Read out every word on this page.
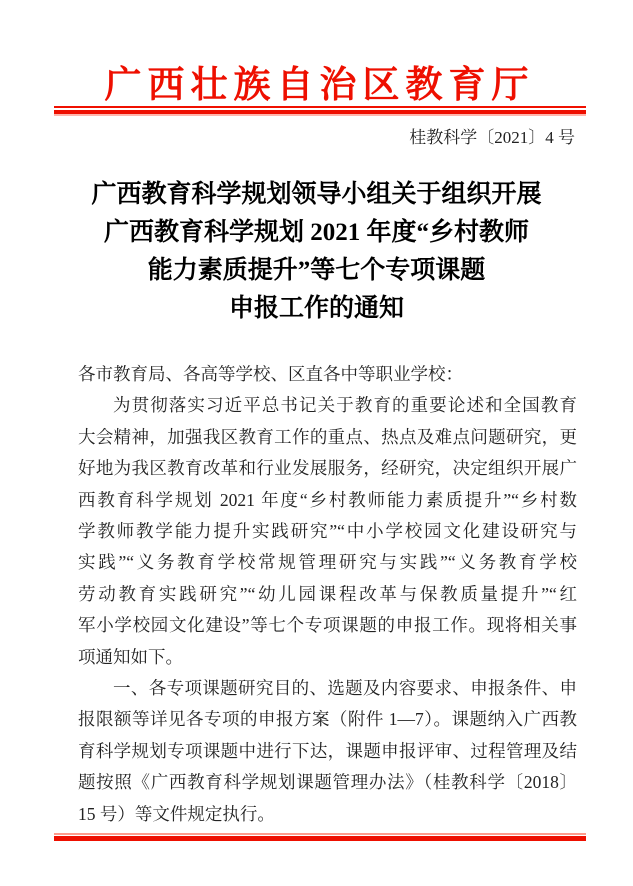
广西壮族自治区教育厅
桂教科学〔2021〕4 号
广西教育科学规划领导小组关于组织开展
广西教育科学规划 2021 年度“乡村教师
能力素质提升”等七个专项课题
申报工作的通知
各市教育局、各高等学校、区直各中等职业学校：
为贯彻落实习近平总书记关于教育的重要论述和全国教育
大会精神，加强我区教育工作的重点、热点及难点问题研究，更
好地为我区教育改革和行业发展服务，经研究，决定组织开展广
西教育科学规划 2021 年度“乡村教师能力素质提升”“乡村数
学教师教学能力提升实践研究”“中小学校园文化建设研究与
实践”“义务教育学校常规管理研究与实践”“义务教育学校
劳动教育实践研究”“幼儿园课程改革与保教质量提升”“红
军小学校园文化建设”等七个专项课题的申报工作。现将相关事
项通知如下。
一、各专项课题研究目的、选题及内容要求、申报条件、申
报限额等详见各专项的申报方案（附件 1—7）。课题纳入广西教
育科学规划专项课题中进行下达，课题申报评审、过程管理及结
题按照《广西教育科学规划课题管理办法》（桂教科学〔2018〕
15 号）等文件规定执行。
